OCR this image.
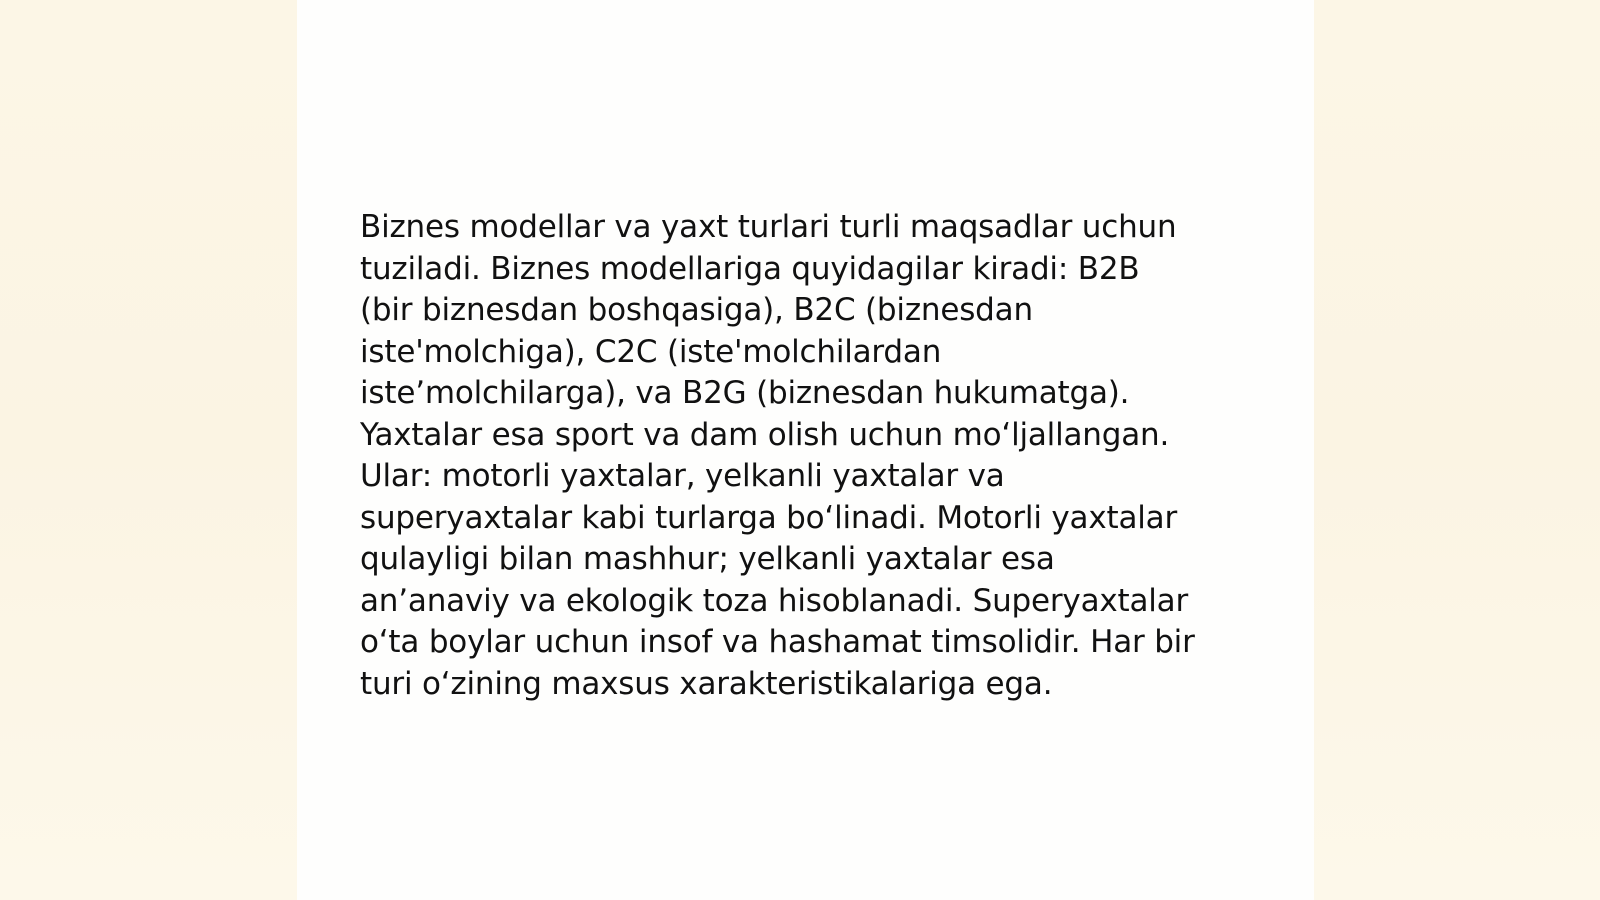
Biznes modellar va yaxt turlari turli maqsadlar uchun
tuziladi. Biznes modellariga quyidagilar kiradi: B2B
(bir biznesdan boshqasiga), B2C (biznesdan
iste'molchiga), C2C (iste'molchilardan
iste’molchilarga), va B2G (biznesdan hukumatga).
Yaxtalar esa sport va dam olish uchun mo‘ljallangan.
Ular: motorli yaxtalar, yelkanli yaxtalar va
superyaxtalar kabi turlarga bo‘linadi. Motorli yaxtalar
qulayligi bilan mashhur; yelkanli yaxtalar esa
an’anaviy va ekologik toza hisoblanadi. Superyaxtalar
o‘ta boylar uchun insof va hashamat timsolidir. Har bir
turi o‘zining maxsus xarakteristikalariga ega.
